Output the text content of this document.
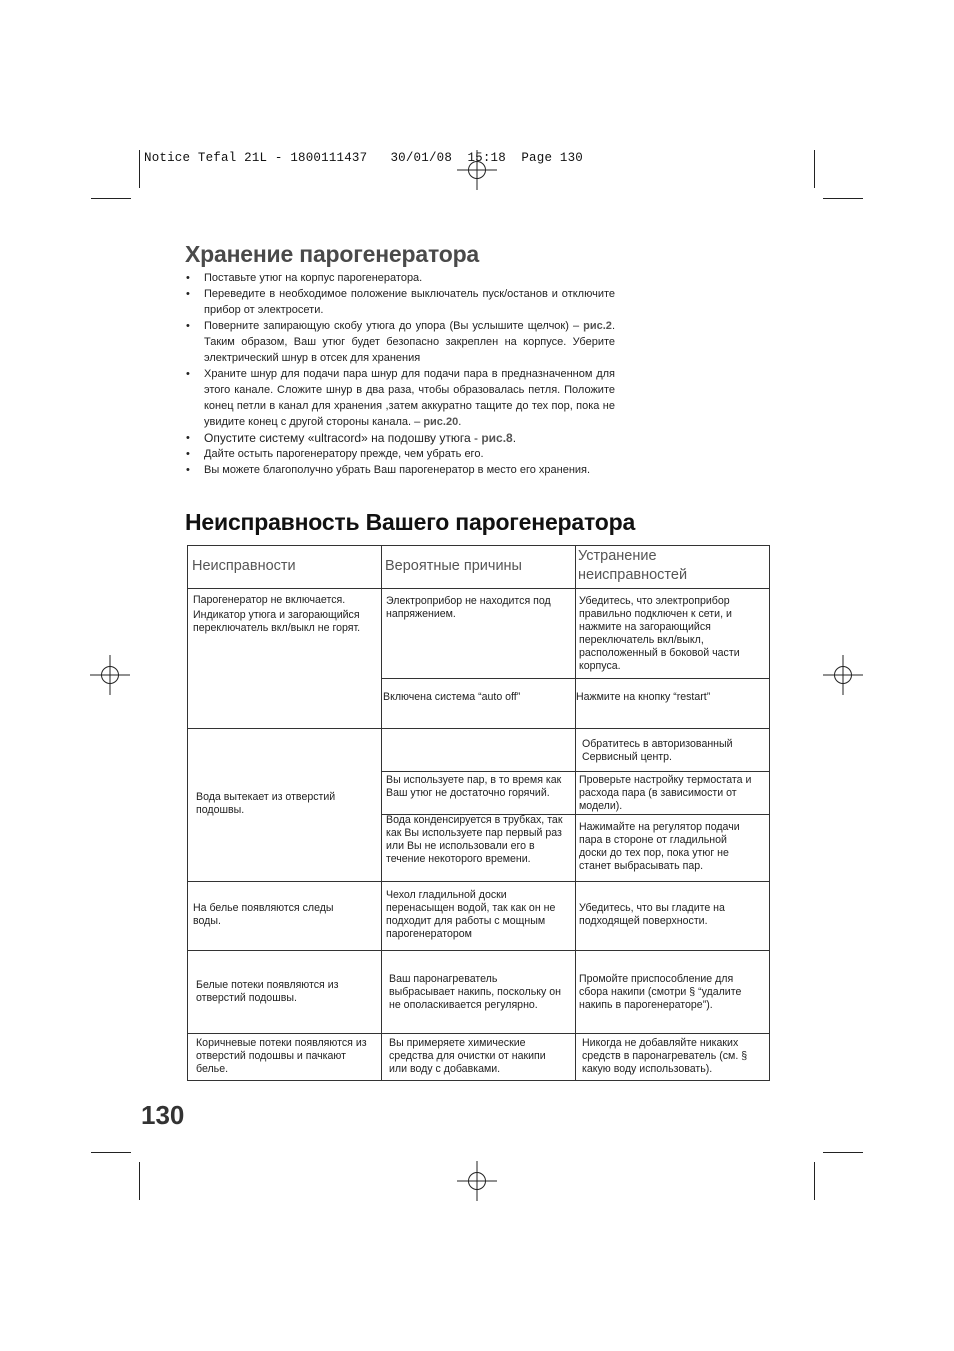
Notice Tefal 21L - 1800111437   30/01/08  15:18  Page 130
Хранение парогенератора
• Поставьте утюг на корпус парогенератора.
• Переведите в необходимое положение выключатель пуск/останов и отключите прибор от электросети.
• Поверните запирающую скобу утюга до упора (Вы услышите щелчок) – рис.2. Таким образом, Ваш утюг будет безопасно закреплен на корпусе. Уберите электрический шнур в отсек для хранения
• Храните шнур для подачи пара шнур для подачи пара в предназначенном для этого канале. Сложите шнур в два раза, чтобы образовалась петля. Положите конец петли в канал для хранения ,затем аккуратно тащите до тех пор, пока не увидите конец с другой стороны канала. – рис.20.
• Опустите систему «ultracord» на подошву утюга - рис.8.
• Дайте остыть парогенератору прежде, чем убрать его.
• Вы можете благополучно убрать Ваш парогенератор в место его хранения.
Неисправность Вашего парогенератора
Неисправности	Вероятные причины
Устранение неисправностей

Парогенератор не включается.

Индикатор утюга и загорающийся переключатель вкл/выкл не горят.

Электроприбор не находится под напряжением.
Убедитесь, что электроприбор правильно подключен к сети, и нажмите на загорающийся переключатель вкл/выкл, расположенный в боковой части корпуса.
Включена система “auto off”	Нажмите на кнопку “restart”
Вода вытекает из отверстий подошвы.
Обратитесь в авторизованный Сервисный центр.
Вы используете пар, в то время как Ваш утюг не достаточно горячий.
Проверьте настройку термостата и расхода пара (в зависимости от модели).
Вода конденсируется в трубках, так как Вы используете пар первый раз или Вы не использовали его в течение некоторого времени.
Нажимайте на регулятор подачи пара в стороне от гладильной доски до тех пор, пока утюг не станет выбрасывать пар.
На белье появляются следы воды.
Чехол гладильной доски перенасыщен водой, так как он не подходит для работы с мощным парогенератором
Убедитесь, что вы гладите на подходящей поверхности.
Белые потеки появляются из отверстий подошвы.
Ваш паронагреватель выбрасывает накипь, поскольку он не ополаскивается регулярно.
Промойте приспособление для сбора накипи (смотри § “удалите накипь в парогенераторе”).
Коричневые потеки появляются из отверстий подошвы и пачкают белье.
Вы примеряете химические средства для очистки от накипи или воду с добавками.
Никогда не добавляйте никаких средств в паронагреватель (см. § какую воду использовать).
130
